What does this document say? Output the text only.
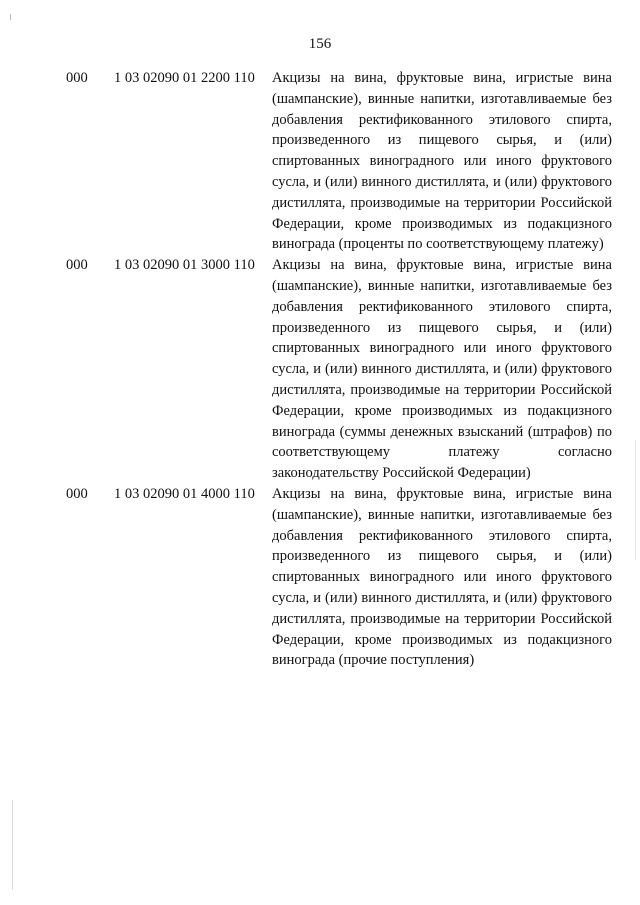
156
000	1 03 02090 01 2200 110	Акцизы на вина, фруктовые вина, игристые вина (шампанские), винные напитки, изготавливаемые без добавления ректификованного этилового спирта, произведенного из пищевого сырья, и (или) спиртованных виноградного или иного фруктового сусла, и (или) винного дистиллята, и (или) фруктового дистиллята, производимые на территории Российской Федерации, кроме производимых из подакцизного винограда (проценты по соответствующему платежу)
000	1 03 02090 01 3000 110	Акцизы на вина, фруктовые вина, игристые вина (шампанские), винные напитки, изготавливаемые без добавления ректификованного этилового спирта, произведенного из пищевого сырья, и (или) спиртованных виноградного или иного фруктового сусла, и (или) винного дистиллята, и (или) фруктового дистиллята, производимые на территории Российской Федерации, кроме производимых из подакцизного винограда (суммы денежных взысканий (штрафов) по соответствующему платежу согласно законодательству Российской Федерации)
000	1 03 02090 01 4000 110	Акцизы на вина, фруктовые вина, игристые вина (шампанские), винные напитки, изготавливаемые без добавления ректификованного этилового спирта, произведенного из пищевого сырья, и (или) спиртованных виноградного или иного фруктового сусла, и (или) винного дистиллята, и (или) фруктового дистиллята, производимые на территории Российской Федерации, кроме производимых из подакцизного винограда (прочие поступления)
